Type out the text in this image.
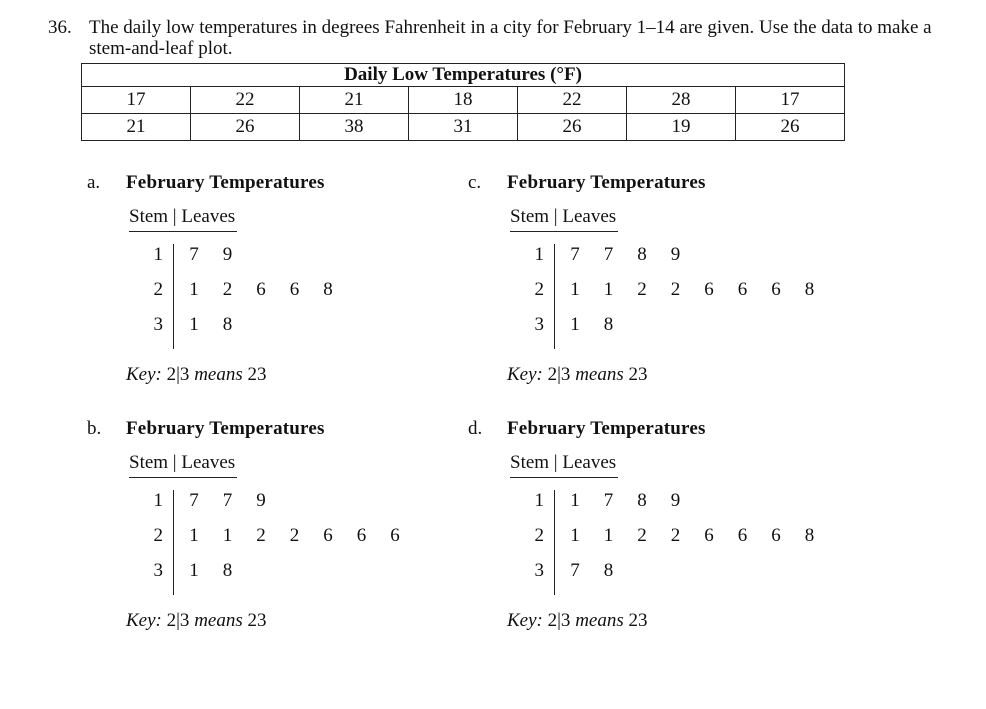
36. The daily low temperatures in degrees Fahrenheit in a city for February 1–14 are given. Use the data to make a stem-and-leaf plot.
Daily Low Temperatures (°F)						
17	22	21	18	22	28	17
21	26	38	31	26	19	26
a. February Temperatures
Stem | Leaves
1 7 9
2 1 2 6 6 8
3 1 8
Key: 2|3 means 23
c. February Temperatures
Stem | Leaves
1 7 7 8 9
2 1 1 2 2 6 6 6 8
3 1 8
Key: 2|3 means 23
b. February Temperatures
Stem | Leaves
1 7 7 9
2 1 1 2 2 6 6 6
3 1 8
Key: 2|3 means 23
d. February Temperatures
Stem | Leaves
1 1 7 8 9
2 1 1 2 2 6 6 6 8
3 7 8
Key: 2|3 means 23
